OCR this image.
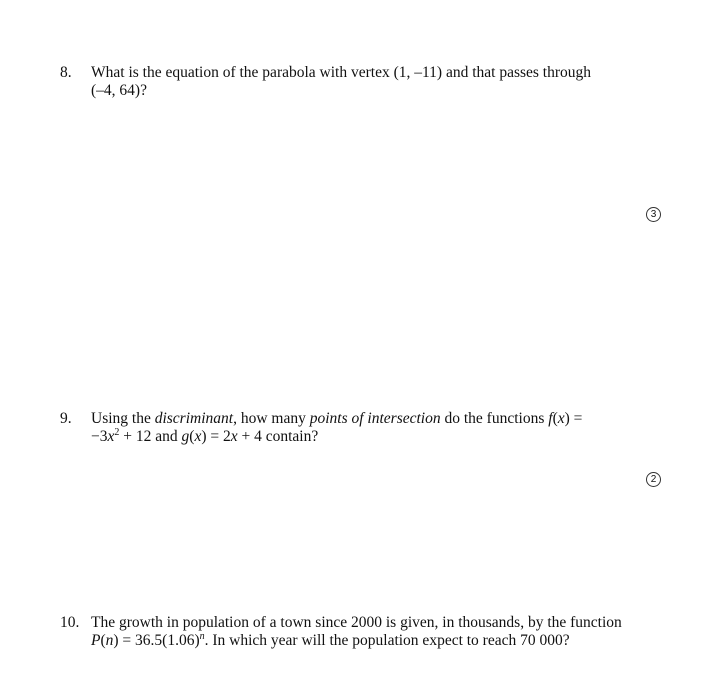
8. What is the equation of the parabola with vertex (1, –11) and that passes through
(–4, 64)?
3
9. Using the discriminant, how many points of intersection do the functions f(x) =
$-3x^2 + 12$ and g(x) = 2x + 4 contain?
2
10. The growth in population of a town since 2000 is given, in thousands, by the function
$P(n) = 36.5(1.06)^n$. In which year will the population expect to reach 70 000?
